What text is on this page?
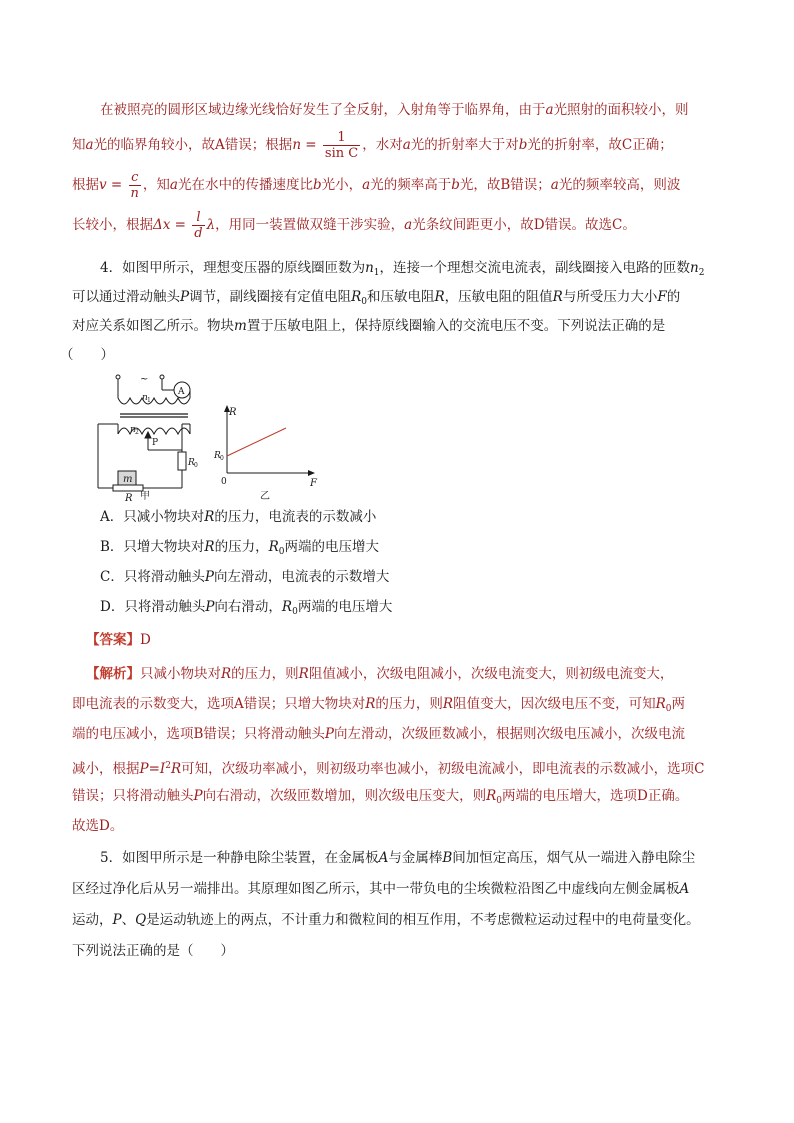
在被照亮的圆形区域边缘光线恰好发生了全反射，入射角等于临界角，由于a光照射的面积较小，则
知a光的临界角较小，故A错误；根据$n = \frac{1}{\text{sin C}}$ ，水对a光的折射率大于对b光的折射率，故C正确；
根据$v = \frac{c}{n}$ ，知a光在水中的传播速度比b光小，a光的频率高于b光，故B错误；a光的频率较高，则波
长较小，根据$\Delta x = \frac{l}{d}$ λ，用同一装置做双缝干涉实验，a光条纹间距更小，故D错误。故选C。
4．如图甲所示，理想变压器的原线圈匝数为$n_1$，连接一个理想交流电流表，副线圈接入电路的匝数$n_2$
可以通过滑动触头P调节，副线圈接有定值电阻$R_0$和压敏电阻R，压敏电阻的阻值R与所受压力大小F的
对应关系如图乙所示。物块m置于压敏电阻上，保持原线圈输入的交流电压不变。下列说法正确的是
（　　）
~
A
n 1
n 2
P
m
R 0
R 甲
R
F
R 0
0
乙
A．只减小物块对R的压力，电流表的示数减小
B．只增大物块对R的压力，$R_0$两端的电压增大
C．只将滑动触头P向左滑动，电流表的示数增大
D．只将滑动触头P向右滑动，$R_0$两端的电压增大
【答案】D
【解析】只减小物块对R的压力，则R阻值减小，次级电阻减小，次级电流变大，则初级电流变大，
即电流表的示数变大，选项A错误；只增大物块对R的压力，则R阻值变大，因次级电压不变，可知$R_0$两
端的电压减小，选项B错误；只将滑动触头P向左滑动，次级匝数减小，根据则次级电压减小，次级电流
减小，根据$P=I^2R$可知，次级功率减小，则初级功率也减小，初级电流减小，即电流表的示数减小，选项C
错误；只将滑动触头P向右滑动，次级匝数增加，则次级电压变大，则$R_0$两端的电压增大，选项D正确。
故选D。
5．如图甲所示是一种静电除尘装置，在金属板A与金属棒B间加恒定高压，烟气从一端进入静电除尘
区经过净化后从另一端排出。其原理如图乙所示，其中一带负电的尘埃微粒沿图乙中虚线向左侧金属板A
运动，P、Q是运动轨迹上的两点，不计重力和微粒间的相互作用，不考虑微粒运动过程中的电荷量变化。
下列说法正确的是（　　）
